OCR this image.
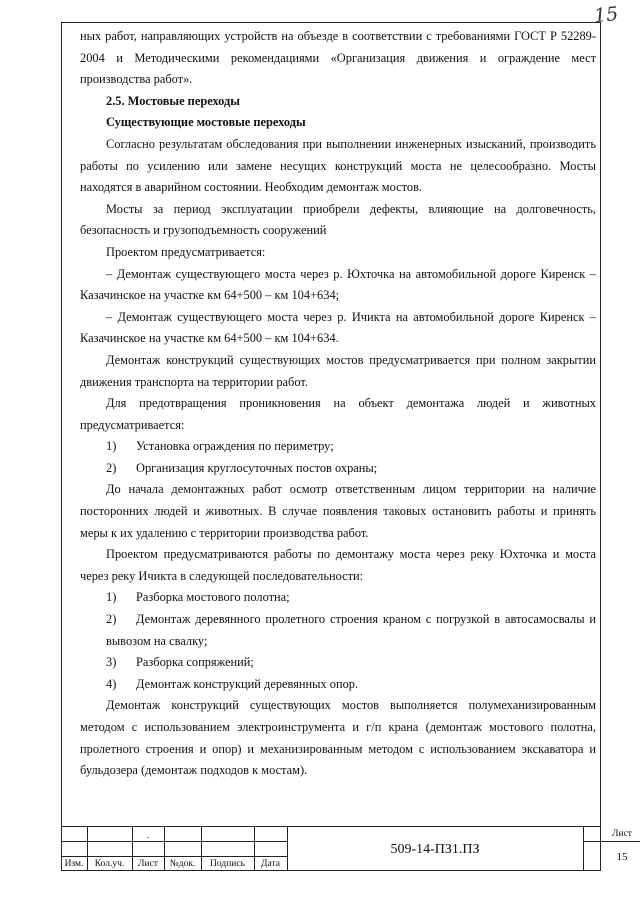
15

ных работ, направляющих устройств на объезде в соответствии с требованиями ГОСТ Р 52289-2004 и Методическими рекомендациями «Организация движения и ограждение мест производства работ».

2.5. Мостовые переходы

Существующие мостовые переходы

Согласно результатам обследования при выполнении инженерных изысканий, производить работы по усилению или замене несущих конструкций моста не целесообразно. Мосты находятся в аварийном состоянии. Необходим демонтаж мостов.

Мосты за период эксплуатации приобрели дефекты, влияющие на долговечность, безопасность и грузоподъемность сооружений

Проектом предусматривается:

– Демонтаж существующего моста через р. Юхточка на автомобильной дороге Киренск – Казачинское на участке км 64+500 – км 104+634;

– Демонтаж существующего моста через р. Ичикта на автомобильной дороге Киренск – Казачинское на участке км 64+500 – км 104+634.

Демонтаж конструкций существующих мостов предусматривается при полном закрытии движения транспорта на территории работ.

Для предотвращения проникновения на объект демонтажа людей и животных предусматривается:

1) Установка ограждения по периметру;

2) Организация круглосуточных постов охраны;

До начала демонтажных работ осмотр ответственным лицом территории на наличие посторонних людей и животных. В случае появления таковых остановить работы и принять меры к их удалению с территории производства работ.

Проектом предусматриваются работы по демонтажу моста через реку Юхточка и моста через реку Ичикта в следующей последовательности:

1) Разборка мостового полотна;

2) Демонтаж деревянного пролетного строения краном с погрузкой в автосамосвалы и вывозом на свалку;

3) Разборка сопряжений;

4) Демонтаж конструкций деревянных опор.

Демонтаж конструкций существующих мостов выполняется полумеханизированным методом с использованием электроинструмента и г/п крана (демонтаж мостового полотна, пролетного строения и опор) и механизированным методом с использованием экскаватора и бульдозера (демонтаж подходов к мостам).

.
Изм.	Кол.уч.	Лист	№док.	Подпись	Дата
509-14-ПЗ1.ПЗ
Лист
15
